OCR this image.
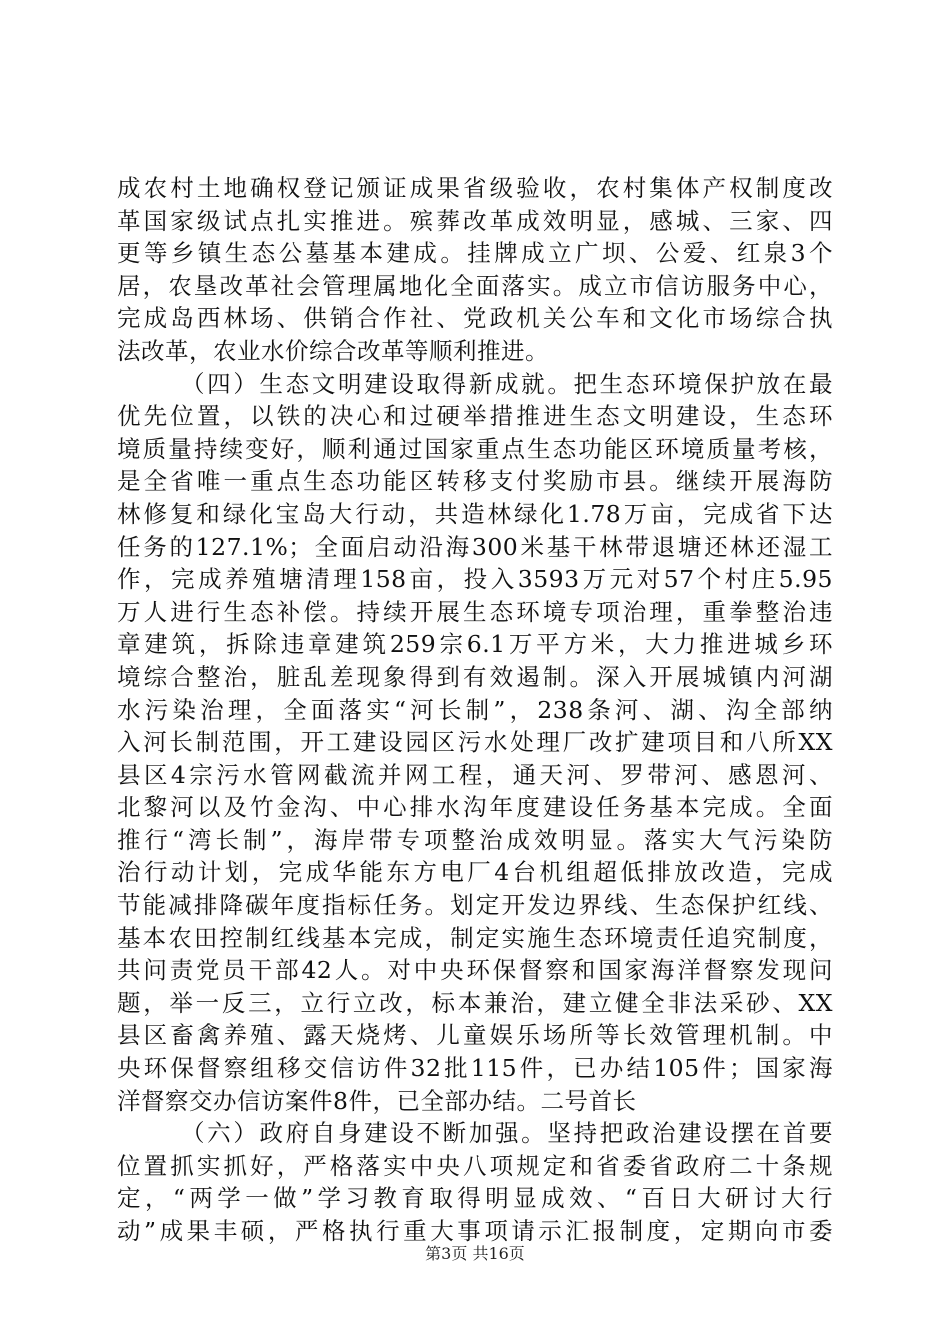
成农村土地确权登记颁证成果省级验收，农村集体产权制度改
革国家级试点扎实推进。殡葬改革成效明显，感城、三家、四
更等乡镇生态公墓基本建成。挂牌成立广坝、公爱、红泉3个
居，农垦改革社会管理属地化全面落实。成立市信访服务中心，
完成岛西林场、供销合作社、党政机关公车和文化市场综合执
法改革，农业水价综合改革等顺利推进。
（四）生态文明建设取得新成就。把生态环境保护放在最
优先位置，以铁的决心和过硬举措推进生态文明建设，生态环
境质量持续变好，顺利通过国家重点生态功能区环境质量考核，
是全省唯一重点生态功能区转移支付奖励市县。继续开展海防
林修复和绿化宝岛大行动，共造林绿化1.78万亩，完成省下达
任务的127.1%；全面启动沿海300米基干林带退塘还林还湿工
作，完成养殖塘清理158亩，投入3593万元对57个村庄5.95
万人进行生态补偿。持续开展生态环境专项治理，重拳整治违
章建筑，拆除违章建筑259宗6.1万平方米，大力推进城乡环
境综合整治，脏乱差现象得到有效遏制。深入开展城镇内河湖
水污染治理，全面落实“河长制”，238条河、湖、沟全部纳
入河长制范围，开工建设园区污水处理厂改扩建项目和八所XX
县区4宗污水管网截流并网工程，通天河、罗带河、感恩河、
北黎河以及竹金沟、中心排水沟年度建设任务基本完成。全面
推行“湾长制”，海岸带专项整治成效明显。落实大气污染防
治行动计划，完成华能东方电厂4台机组超低排放改造，完成
节能减排降碳年度指标任务。划定开发边界线、生态保护红线、
基本农田控制红线基本完成，制定实施生态环境责任追究制度，
共问责党员干部42人。对中央环保督察和国家海洋督察发现问
题，举一反三，立行立改，标本兼治，建立健全非法采砂、XX
县区畜禽养殖、露天烧烤、儿童娱乐场所等长效管理机制。中
央环保督察组移交信访件32批115件，已办结105件；国家海
洋督察交办信访案件8件，已全部办结。二号首长
（六）政府自身建设不断加强。坚持把政治建设摆在首要
位置抓实抓好，严格落实中央八项规定和省委省政府二十条规
定，“两学一做”学习教育取得明显成效、“百日大研讨大行
动”成果丰硕，严格执行重大事项请示汇报制度，定期向市委
第3页 共16页
